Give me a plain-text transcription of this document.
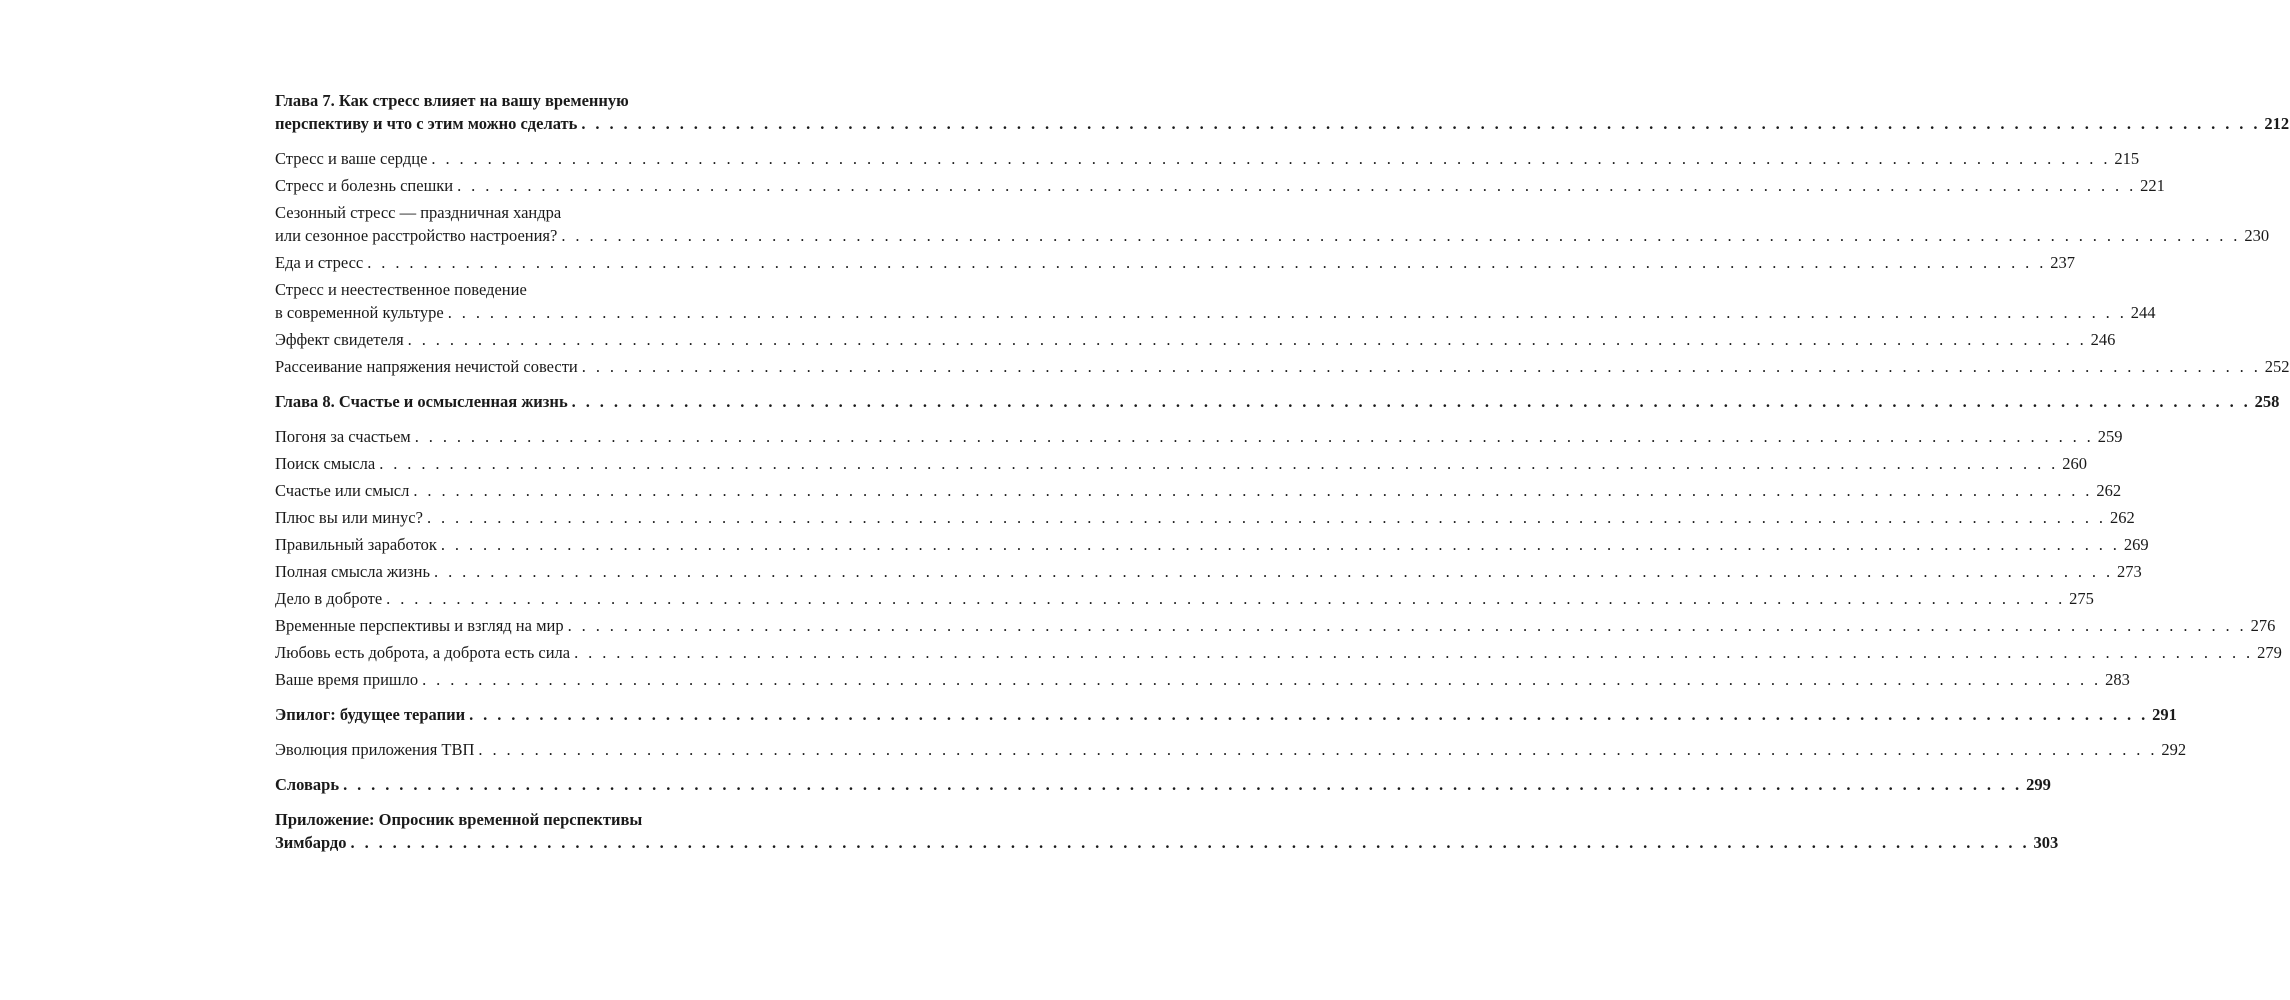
Глава 7. Как стресс влияет на вашу временную
перспективу и что с этим можно сделать . . . . . . . . . . . . . . . . . . . . . . . . . . . . . . . . . . . . . . . . . . . . . . . . . . . . . . . . . . . . . . . . . . . . . . . . . . . . . . . . . . . . . . . . . . . . . . . . . . . . . . . . . . . . . . . . . . . . . . . . 212
Стресс и ваше сердце . . . . . . . . . . . . . . . . . . . . . . . . . . . . . . . . . . . . . . . . . . . . . . . . . . . . . . . . . . . . . . . . . . . . . . . . . . . . . . . . . . . . . . . . . . . . . . . . . . . . . . . . . . . . . . . . . . . . . . . . 215
Стресс и болезнь спешки . . . . . . . . . . . . . . . . . . . . . . . . . . . . . . . . . . . . . . . . . . . . . . . . . . . . . . . . . . . . . . . . . . . . . . . . . . . . . . . . . . . . . . . . . . . . . . . . . . . . . . . . . . . . . . . . . . . . . . . . 221
Сезонный стресс — праздничная хандра
или сезонное расстройство настроения? . . . . . . . . . . . . . . . . . . . . . . . . . . . . . . . . . . . . . . . . . . . . . . . . . . . . . . . . . . . . . . . . . . . . . . . . . . . . . . . . . . . . . . . . . . . . . . . . . . . . . . . . . . . . . . . . . . . . . . . . 230
Еда и стресс . . . . . . . . . . . . . . . . . . . . . . . . . . . . . . . . . . . . . . . . . . . . . . . . . . . . . . . . . . . . . . . . . . . . . . . . . . . . . . . . . . . . . . . . . . . . . . . . . . . . . . . . . . . . . . . . . . . . . . . . 237
Стресс и неестественное поведение
в современной культуре . . . . . . . . . . . . . . . . . . . . . . . . . . . . . . . . . . . . . . . . . . . . . . . . . . . . . . . . . . . . . . . . . . . . . . . . . . . . . . . . . . . . . . . . . . . . . . . . . . . . . . . . . . . . . . . . . . . . . . . . 244
Эффект свидетеля . . . . . . . . . . . . . . . . . . . . . . . . . . . . . . . . . . . . . . . . . . . . . . . . . . . . . . . . . . . . . . . . . . . . . . . . . . . . . . . . . . . . . . . . . . . . . . . . . . . . . . . . . . . . . . . . . . . . . . . . 246
Рассеивание напряжения нечистой совести . . . . . . . . . . . . . . . . . . . . . . . . . . . . . . . . . . . . . . . . . . . . . . . . . . . . . . . . . . . . . . . . . . . . . . . . . . . . . . . . . . . . . . . . . . . . . . . . . . . . . . . . . . . . . . . . . . . . . . . . 252
Глава 8. Счастье и осмысленная жизнь . . . . . . . . . . . . . . . . . . . . . . . . . . . . . . . . . . . . . . . . . . . . . . . . . . . . . . . . . . . . . . . . . . . . . . . . . . . . . . . . . . . . . . . . . . . . . . . . . . . . . . . . . . . . . . . . . . . . . . . . 258
Погоня за счастьем . . . . . . . . . . . . . . . . . . . . . . . . . . . . . . . . . . . . . . . . . . . . . . . . . . . . . . . . . . . . . . . . . . . . . . . . . . . . . . . . . . . . . . . . . . . . . . . . . . . . . . . . . . . . . . . . . . . . . . . . 259
Поиск смысла . . . . . . . . . . . . . . . . . . . . . . . . . . . . . . . . . . . . . . . . . . . . . . . . . . . . . . . . . . . . . . . . . . . . . . . . . . . . . . . . . . . . . . . . . . . . . . . . . . . . . . . . . . . . . . . . . . . . . . . . 260
Счастье или смысл . . . . . . . . . . . . . . . . . . . . . . . . . . . . . . . . . . . . . . . . . . . . . . . . . . . . . . . . . . . . . . . . . . . . . . . . . . . . . . . . . . . . . . . . . . . . . . . . . . . . . . . . . . . . . . . . . . . . . . . . 262
Плюс вы или минус? . . . . . . . . . . . . . . . . . . . . . . . . . . . . . . . . . . . . . . . . . . . . . . . . . . . . . . . . . . . . . . . . . . . . . . . . . . . . . . . . . . . . . . . . . . . . . . . . . . . . . . . . . . . . . . . . . . . . . . . . 262
Правильный заработок . . . . . . . . . . . . . . . . . . . . . . . . . . . . . . . . . . . . . . . . . . . . . . . . . . . . . . . . . . . . . . . . . . . . . . . . . . . . . . . . . . . . . . . . . . . . . . . . . . . . . . . . . . . . . . . . . . . . . . . . 269
Полная смысла жизнь . . . . . . . . . . . . . . . . . . . . . . . . . . . . . . . . . . . . . . . . . . . . . . . . . . . . . . . . . . . . . . . . . . . . . . . . . . . . . . . . . . . . . . . . . . . . . . . . . . . . . . . . . . . . . . . . . . . . . . . . 273
Дело в доброте . . . . . . . . . . . . . . . . . . . . . . . . . . . . . . . . . . . . . . . . . . . . . . . . . . . . . . . . . . . . . . . . . . . . . . . . . . . . . . . . . . . . . . . . . . . . . . . . . . . . . . . . . . . . . . . . . . . . . . . . 275
Временные перспективы и взгляд на мир . . . . . . . . . . . . . . . . . . . . . . . . . . . . . . . . . . . . . . . . . . . . . . . . . . . . . . . . . . . . . . . . . . . . . . . . . . . . . . . . . . . . . . . . . . . . . . . . . . . . . . . . . . . . . . . . . . . . . . . . 276
Любовь есть доброта, а доброта есть сила . . . . . . . . . . . . . . . . . . . . . . . . . . . . . . . . . . . . . . . . . . . . . . . . . . . . . . . . . . . . . . . . . . . . . . . . . . . . . . . . . . . . . . . . . . . . . . . . . . . . . . . . . . . . . . . . . . . . . . . . 279
Ваше время пришло . . . . . . . . . . . . . . . . . . . . . . . . . . . . . . . . . . . . . . . . . . . . . . . . . . . . . . . . . . . . . . . . . . . . . . . . . . . . . . . . . . . . . . . . . . . . . . . . . . . . . . . . . . . . . . . . . . . . . . . . 283
Эпилог: будущее терапии . . . . . . . . . . . . . . . . . . . . . . . . . . . . . . . . . . . . . . . . . . . . . . . . . . . . . . . . . . . . . . . . . . . . . . . . . . . . . . . . . . . . . . . . . . . . . . . . . . . . . . . . . . . . . . . . . . . . . . . . 291
Эволюция приложения ТВП . . . . . . . . . . . . . . . . . . . . . . . . . . . . . . . . . . . . . . . . . . . . . . . . . . . . . . . . . . . . . . . . . . . . . . . . . . . . . . . . . . . . . . . . . . . . . . . . . . . . . . . . . . . . . . . . . . . . . . . . 292
Словарь . . . . . . . . . . . . . . . . . . . . . . . . . . . . . . . . . . . . . . . . . . . . . . . . . . . . . . . . . . . . . . . . . . . . . . . . . . . . . . . . . . . . . . . . . . . . . . . . . . . . . . . . . . . . . . . . . . . . . . . . 299
Приложение: Опросник временной перспективы
Зимбардо . . . . . . . . . . . . . . . . . . . . . . . . . . . . . . . . . . . . . . . . . . . . . . . . . . . . . . . . . . . . . . . . . . . . . . . . . . . . . . . . . . . . . . . . . . . . . . . . . . . . . . . . . . . . . . . . . . . . . . . . 303
